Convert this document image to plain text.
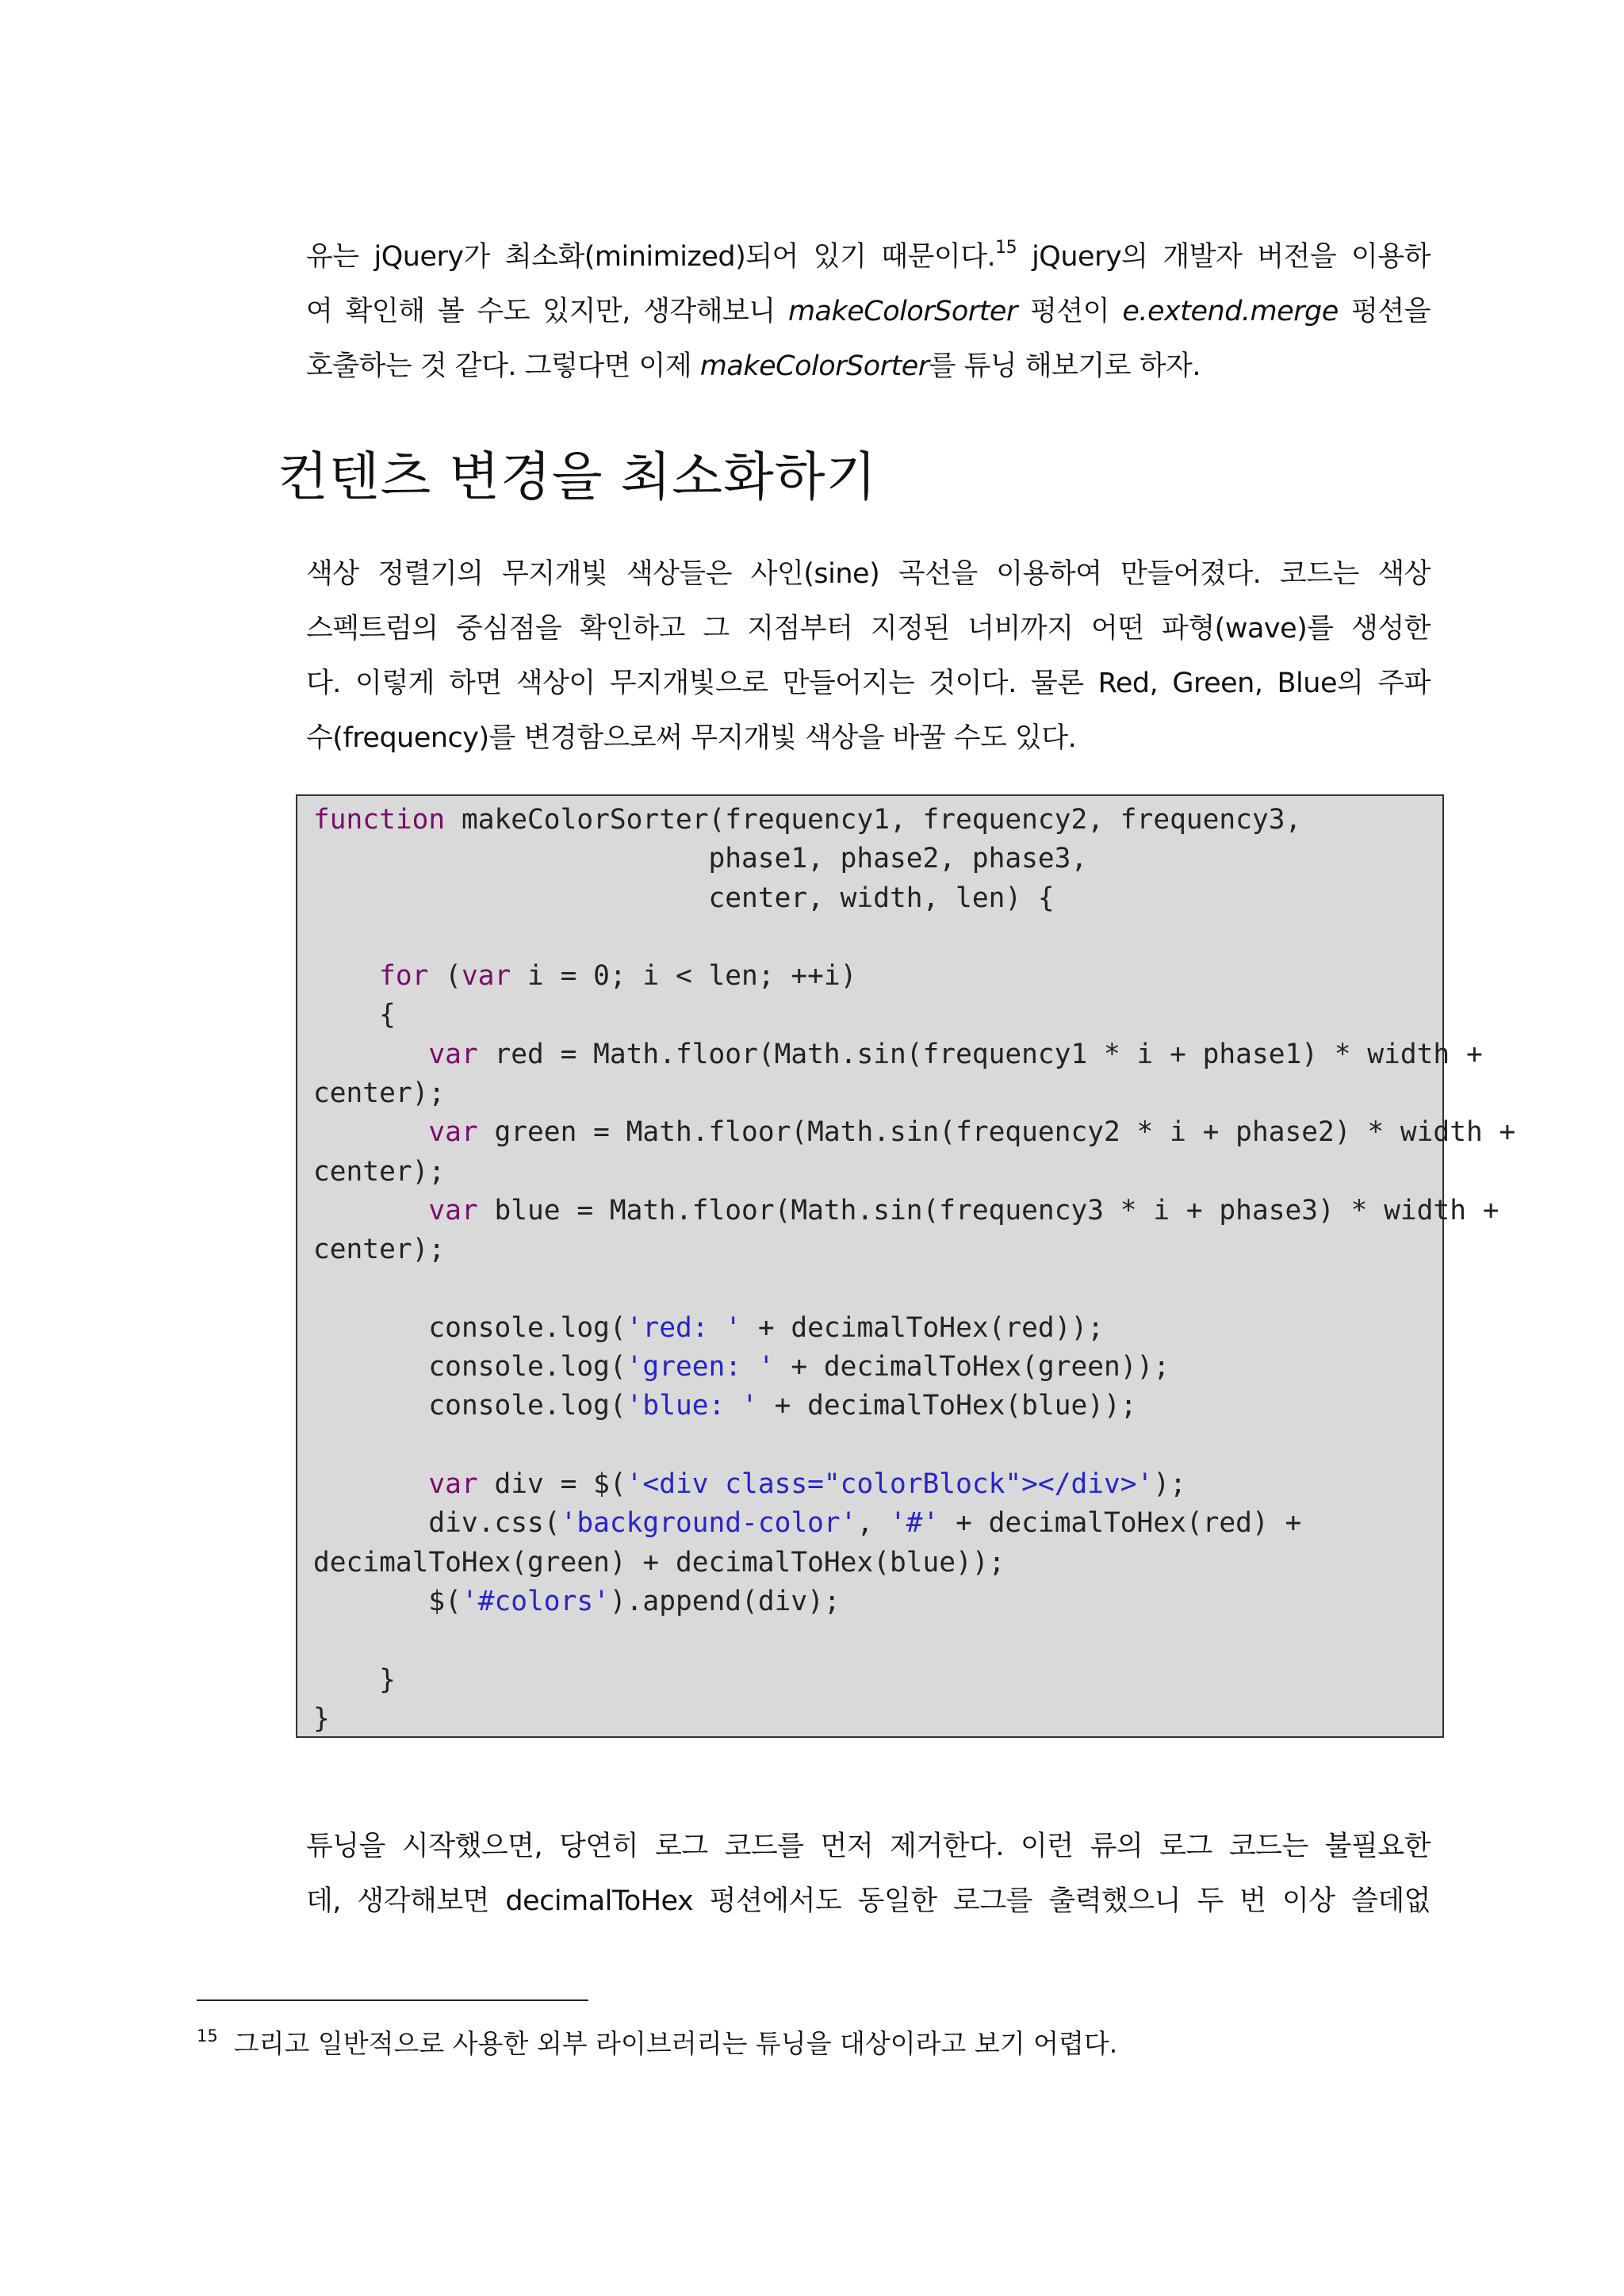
유는 jQuery가 최소화(minimized)되어 있기 때문이다.$^{15}$ jQuery의 개발자 버전을 이용하
여 확인해 볼 수도 있지만, 생각해보니 makeColorSorter 펑션이 e.extend.merge 펑션을
호출하는 것 같다. 그렇다면 이제 makeColorSorter를 튜닝 해보기로 하자.
컨텐츠 변경을 최소화하기
색상 정렬기의 무지개빛 색상들은 사인(sine) 곡선을 이용하여 만들어졌다. 코드는 색상
스펙트럼의 중심점을 확인하고 그 지점부터 지정된 너비까지 어떤 파형(wave)를 생성한
다. 이렇게 하면 색상이 무지개빛으로 만들어지는 것이다. 물론 Red, Green, Blue의 주파
수(frequency)를 변경함으로써 무지개빛 색상을 바꿀 수도 있다.
function makeColorSorter(frequency1, frequency2, frequency3,
phase1, phase2, phase3,
center, width, len) {

for (var i = 0; i < len; ++i)
{
var red = Math.floor(Math.sin(frequency1 * i + phase1) * width +
center);
var green = Math.floor(Math.sin(frequency2 * i + phase2) * width +
center);
var blue = Math.floor(Math.sin(frequency3 * i + phase3) * width +
center);

console.log('red: ' + decimalToHex(red));
console.log('green: ' + decimalToHex(green));
console.log('blue: ' + decimalToHex(blue));

var div = $('<div class="colorBlock"></div>');
div.css('background-color', '#' + decimalToHex(red) +
decimalToHex(green) + decimalToHex(blue));
$('#colors').append(div);

}
}
튜닝을 시작했으면, 당연히 로그 코드를 먼저 제거한다. 이런 류의 로그 코드는 불필요한
데, 생각해보면 decimalToHex 펑션에서도 동일한 로그를 출력했으니 두 번 이상 쓸데없
$^{15}$ 그리고 일반적으로 사용한 외부 라이브러리는 튜닝을 대상이라고 보기 어렵다.
